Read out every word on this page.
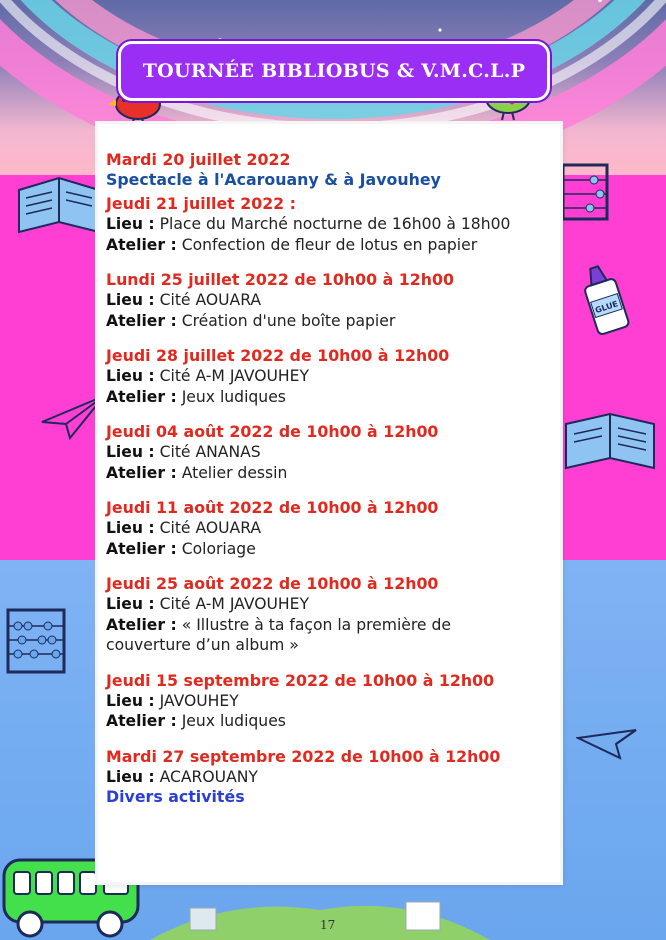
GLUE
TOURNÉE BIBLIOBUS & V.M.C.L.P
Mardi 20 juillet 2022
Spectacle à l'Acarouany & à Javouhey
Jeudi 21 juillet 2022 :
Lieu : Place du Marché nocturne de 16h00 à 18h00
Atelier : Confection de fleur de lotus en papier
Lundi 25 juillet 2022 de 10h00 à 12h00
Lieu : Cité AOUARA
Atelier : Création d'une boîte papier
Jeudi 28 juillet 2022 de 10h00 à 12h00
Lieu : Cité A-M JAVOUHEY
Atelier : Jeux ludiques
Jeudi 04 août 2022 de 10h00 à 12h00
Lieu : Cité ANANAS
Atelier : Atelier dessin
Jeudi 11 août 2022 de 10h00 à 12h00
Lieu : Cité AOUARA
Atelier : Coloriage
Jeudi 25 août 2022 de 10h00 à 12h00
Lieu : Cité A-M JAVOUHEY
Atelier : « Illustre à ta façon la première de
couverture d’un album »
Jeudi 15 septembre 2022 de 10h00 à 12h00
Lieu : JAVOUHEY
Atelier : Jeux ludiques
Mardi 27 septembre 2022 de 10h00 à 12h00
Lieu : ACAROUANY
Divers activités
17
